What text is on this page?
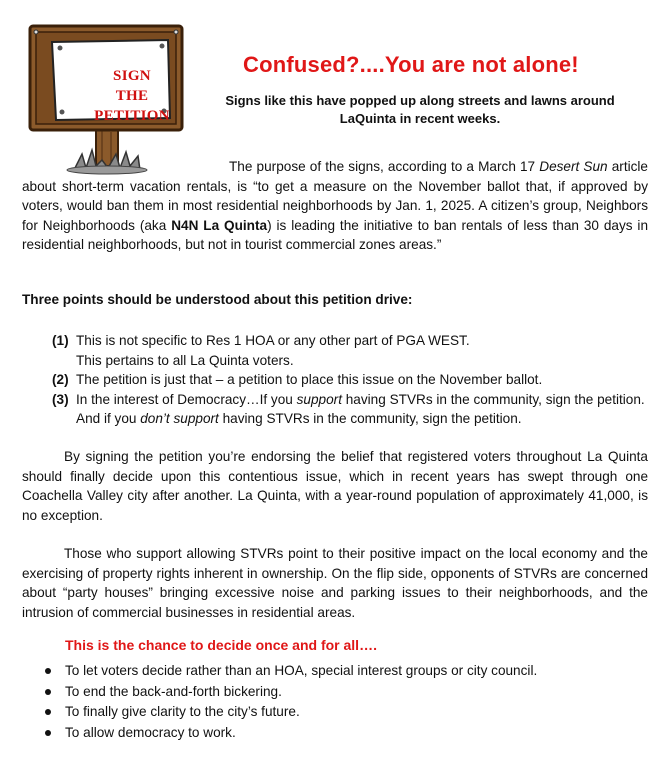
SIGN
THE
PETITION
Confused?....You are not alone!
Signs like this have popped up along streets and lawns around LaQuinta in recent weeks.
The purpose of the signs, according to a March 17 Desert Sun article about short-term vacation rentals, is “to get a measure on the November ballot that, if approved by voters, would ban them in most residential neighborhoods by Jan. 1, 2025. A citizen’s group, Neighbors for Neighborhoods (aka N4N La Quinta) is leading the initiative to ban rentals of less than 30 days in residential neighborhoods, but not in tourist commercial zones areas.”
Three points should be understood about this petition drive:
(1) This is not specific to Res 1 HOA or any other part of PGA WEST.
This pertains to all La Quinta voters.
(2) The petition is just that – a petition to place this issue on the November ballot.
(3) In the interest of Democracy…If you support having STVRs in the community, sign the petition. And if you don’t support having STVRs in the community, sign the petition.
By signing the petition you’re endorsing the belief that registered voters throughout La Quinta should finally decide upon this contentious issue, which in recent years has swept through one Coachella Valley city after another. La Quinta, with a year-round population of approximately 41,000, is no exception.
Those who support allowing STVRs point to their positive impact on the local economy and the exercising of property rights inherent in ownership. On the flip side, opponents of STVRs are concerned about “party houses” bringing excessive noise and parking issues to their neighborhoods, and the intrusion of commercial businesses in residential areas.
This is the chance to decide once and for all….
To let voters decide rather than an HOA, special interest groups or city council.
To end the back-and-forth bickering.
To finally give clarity to the city’s future.
To allow democracy to work.
